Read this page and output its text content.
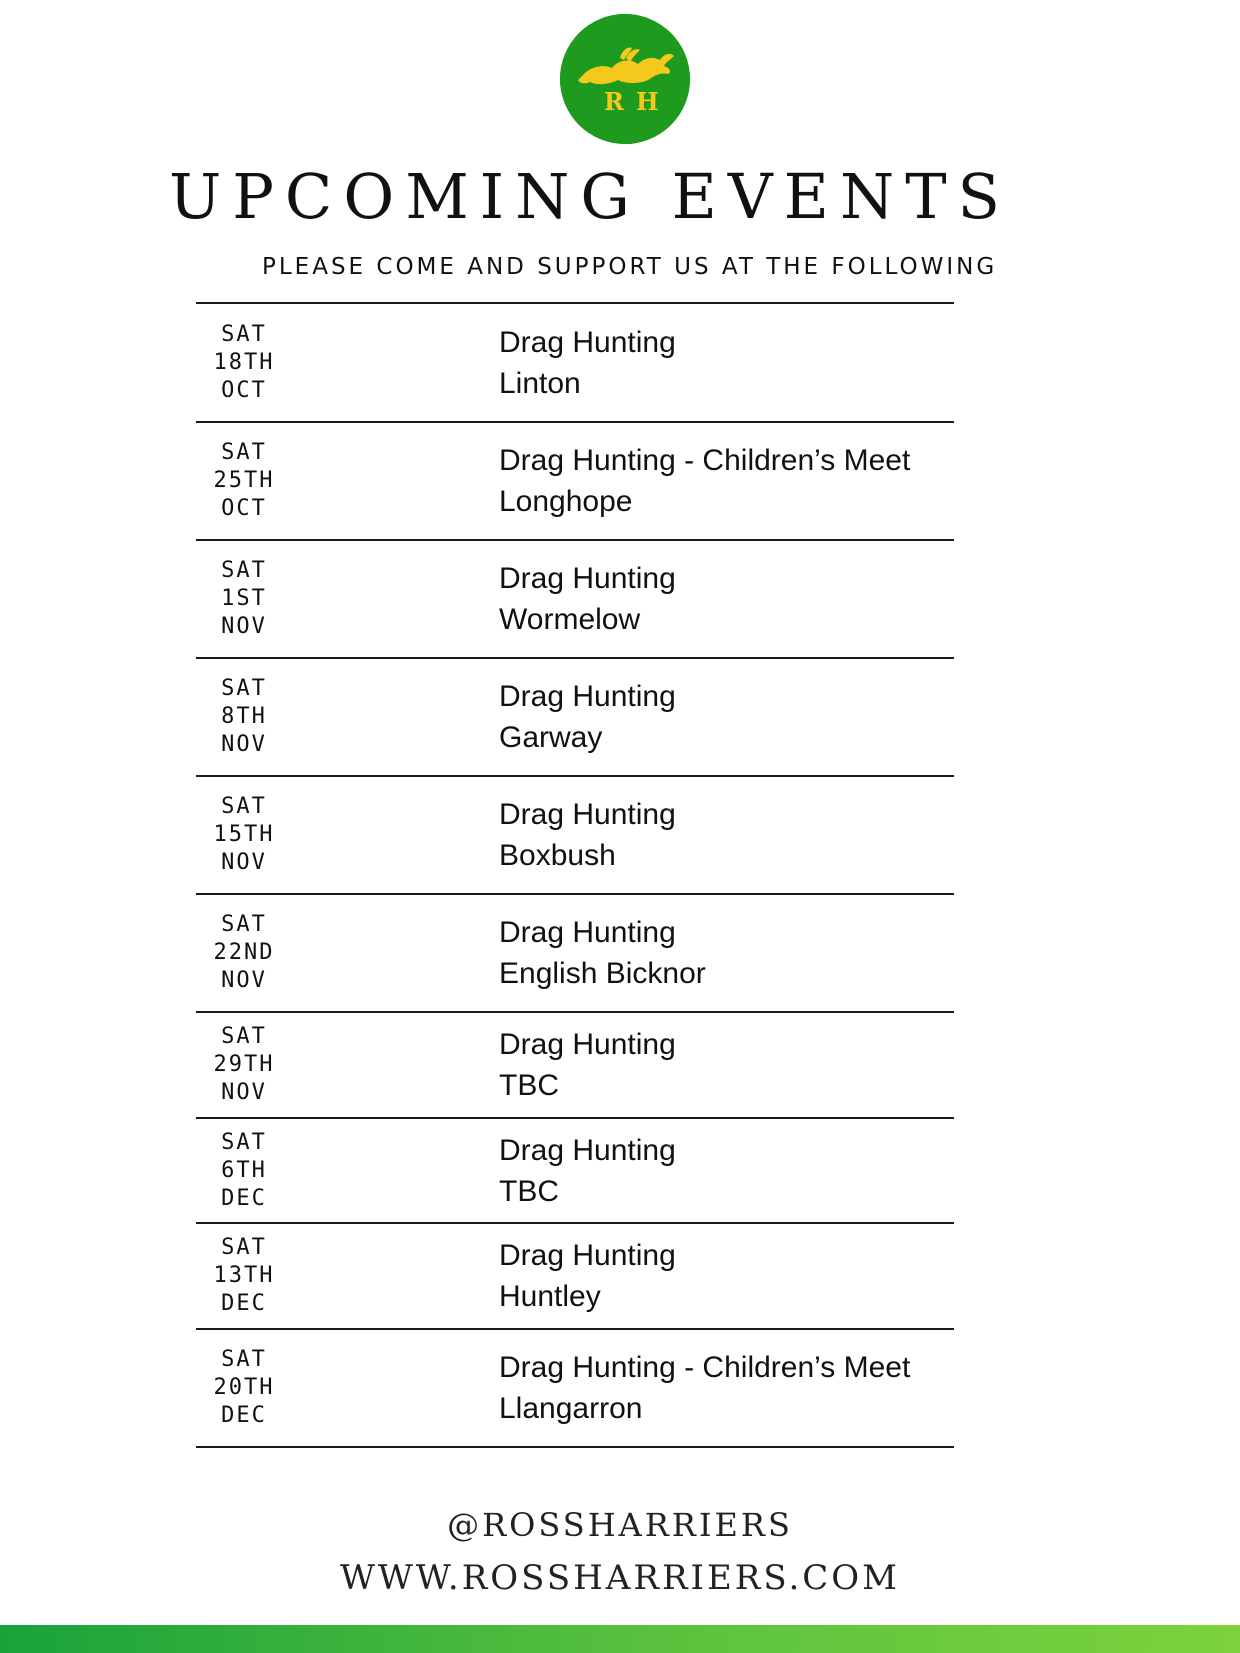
R H
UPCOMING EVENTS
PLEASE COME AND SUPPORT US AT THE FOLLOWING
SAT
18TH
OCT
Drag Hunting
Linton
SAT
25TH
OCT
Drag Hunting - Children’s Meet
Longhope
SAT
1ST
NOV
Drag Hunting
Wormelow
SAT
8TH
NOV
Drag Hunting
Garway
SAT
15TH
NOV
Drag Hunting
Boxbush
SAT
22ND
NOV
Drag Hunting
English Bicknor
SAT
29TH
NOV
Drag Hunting
TBC
SAT
6TH
DEC
Drag Hunting
TBC
SAT
13TH
DEC
Drag Hunting
Huntley
SAT
20TH
DEC
Drag Hunting - Children’s Meet
Llangarron
@ROSSHARRIERS
WWW.ROSSHARRIERS.COM
